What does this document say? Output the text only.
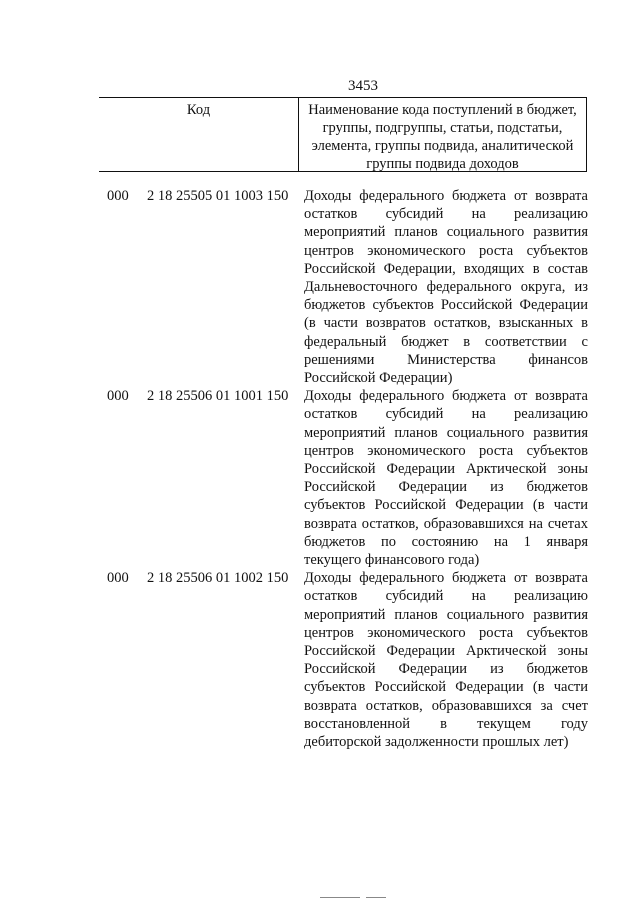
3453
Код	Наименование кода поступлений в бюджет, группы, подгруппы, статьи, подстатьи, элемента, группы подвида, аналитической группы подвида доходов
000 2 18 25505 01 1003 150 Доходы федерального бюджета от возврата остатков субсидий на реализацию мероприятий планов социального развития центров экономического роста субъектов Российской Федерации, входящих в состав Дальневосточного федерального округа, из бюджетов субъектов Российской Федерации (в части возвратов остатков, взысканных в федеральный бюджет в соответствии с решениями Министерства финансов Российской Федерации)
000 2 18 25506 01 1001 150 Доходы федерального бюджета от возврата остатков субсидий на реализацию мероприятий планов социального развития центров экономического роста субъектов Российской Федерации Арктической зоны Российской Федерации из бюджетов субъектов Российской Федерации (в части возврата остатков, образовавшихся на счетах бюджетов по состоянию на 1 января текущего финансового года)
000 2 18 25506 01 1002 150 Доходы федерального бюджета от возврата остатков субсидий на реализацию мероприятий планов социального развития центров экономического роста субъектов Российской Федерации Арктической зоны Российской Федерации из бюджетов субъектов Российской Федерации (в части возврата остатков, образовавшихся за счет восстановленной в текущем году дебиторской задолженности прошлых лет)
